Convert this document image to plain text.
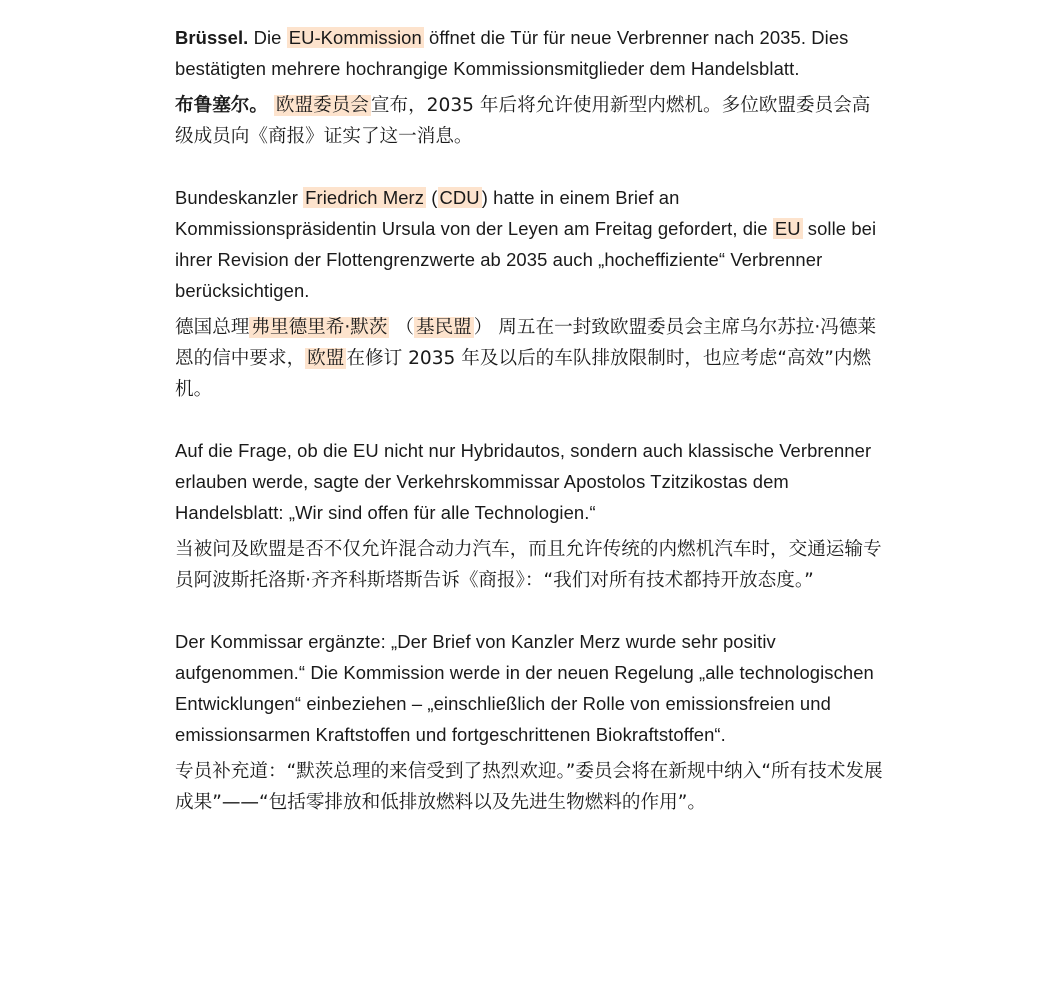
Brüssel. Die EU-Kommission öffnet die Tür für neue Verbrenner nach 2035. Dies bestätigten mehrere hochrangige Kommissionsmitglieder dem Handelsblatt.

布鲁塞尔。 欧盟委员会 宣布，2035 年后将允许使用新型内燃机。多位欧盟委员会高级成员向《商报》证实了这一消息。

Bundeskanzler Friedrich Merz ( CDU ) hatte in einem Brief an Kommissionspräsidentin Ursula von der Leyen am Freitag gefordert, die EU solle bei ihrer Revision der Flottengrenzwerte ab 2035 auch „hocheffiziente“ Verbrenner berücksichtigen.

德国总理 弗里德里希·默茨 （ 基民盟 ） 周五在一封致欧盟委员会主席乌尔苏拉·冯德莱恩的信中要求， 欧盟 在修订 2035 年及以后的车队排放限制时，也应考虑“高效”内燃机。

Auf die Frage, ob die EU nicht nur Hybridautos, sondern auch klassische Verbrenner erlauben werde, sagte der Verkehrskommissar Apostolos Tzitzikostas dem Handelsblatt: „Wir sind offen für alle Technologien.“

当被问及欧盟是否不仅允许混合动力汽车，而且允许传统的内燃机汽车时，交通运输专员阿波斯托洛斯·齐齐科斯塔斯告诉《商报》：“我们对所有技术都持开放态度。”

Der Kommissar ergänzte: „Der Brief von Kanzler Merz wurde sehr positiv aufgenommen.“ Die Kommission werde in der neuen Regelung „alle technologischen Entwicklungen“ einbeziehen – „einschließlich der Rolle von emissionsfreien und emissionsarmen Kraftstoffen und fortgeschrittenen Biokraftstoffen“.

专员补充道：“默茨总理的来信受到了热烈欢迎。”委员会将在新规中纳入“所有技术发展成果”——“包括零排放和低排放燃料以及先进生物燃料的作用”。
